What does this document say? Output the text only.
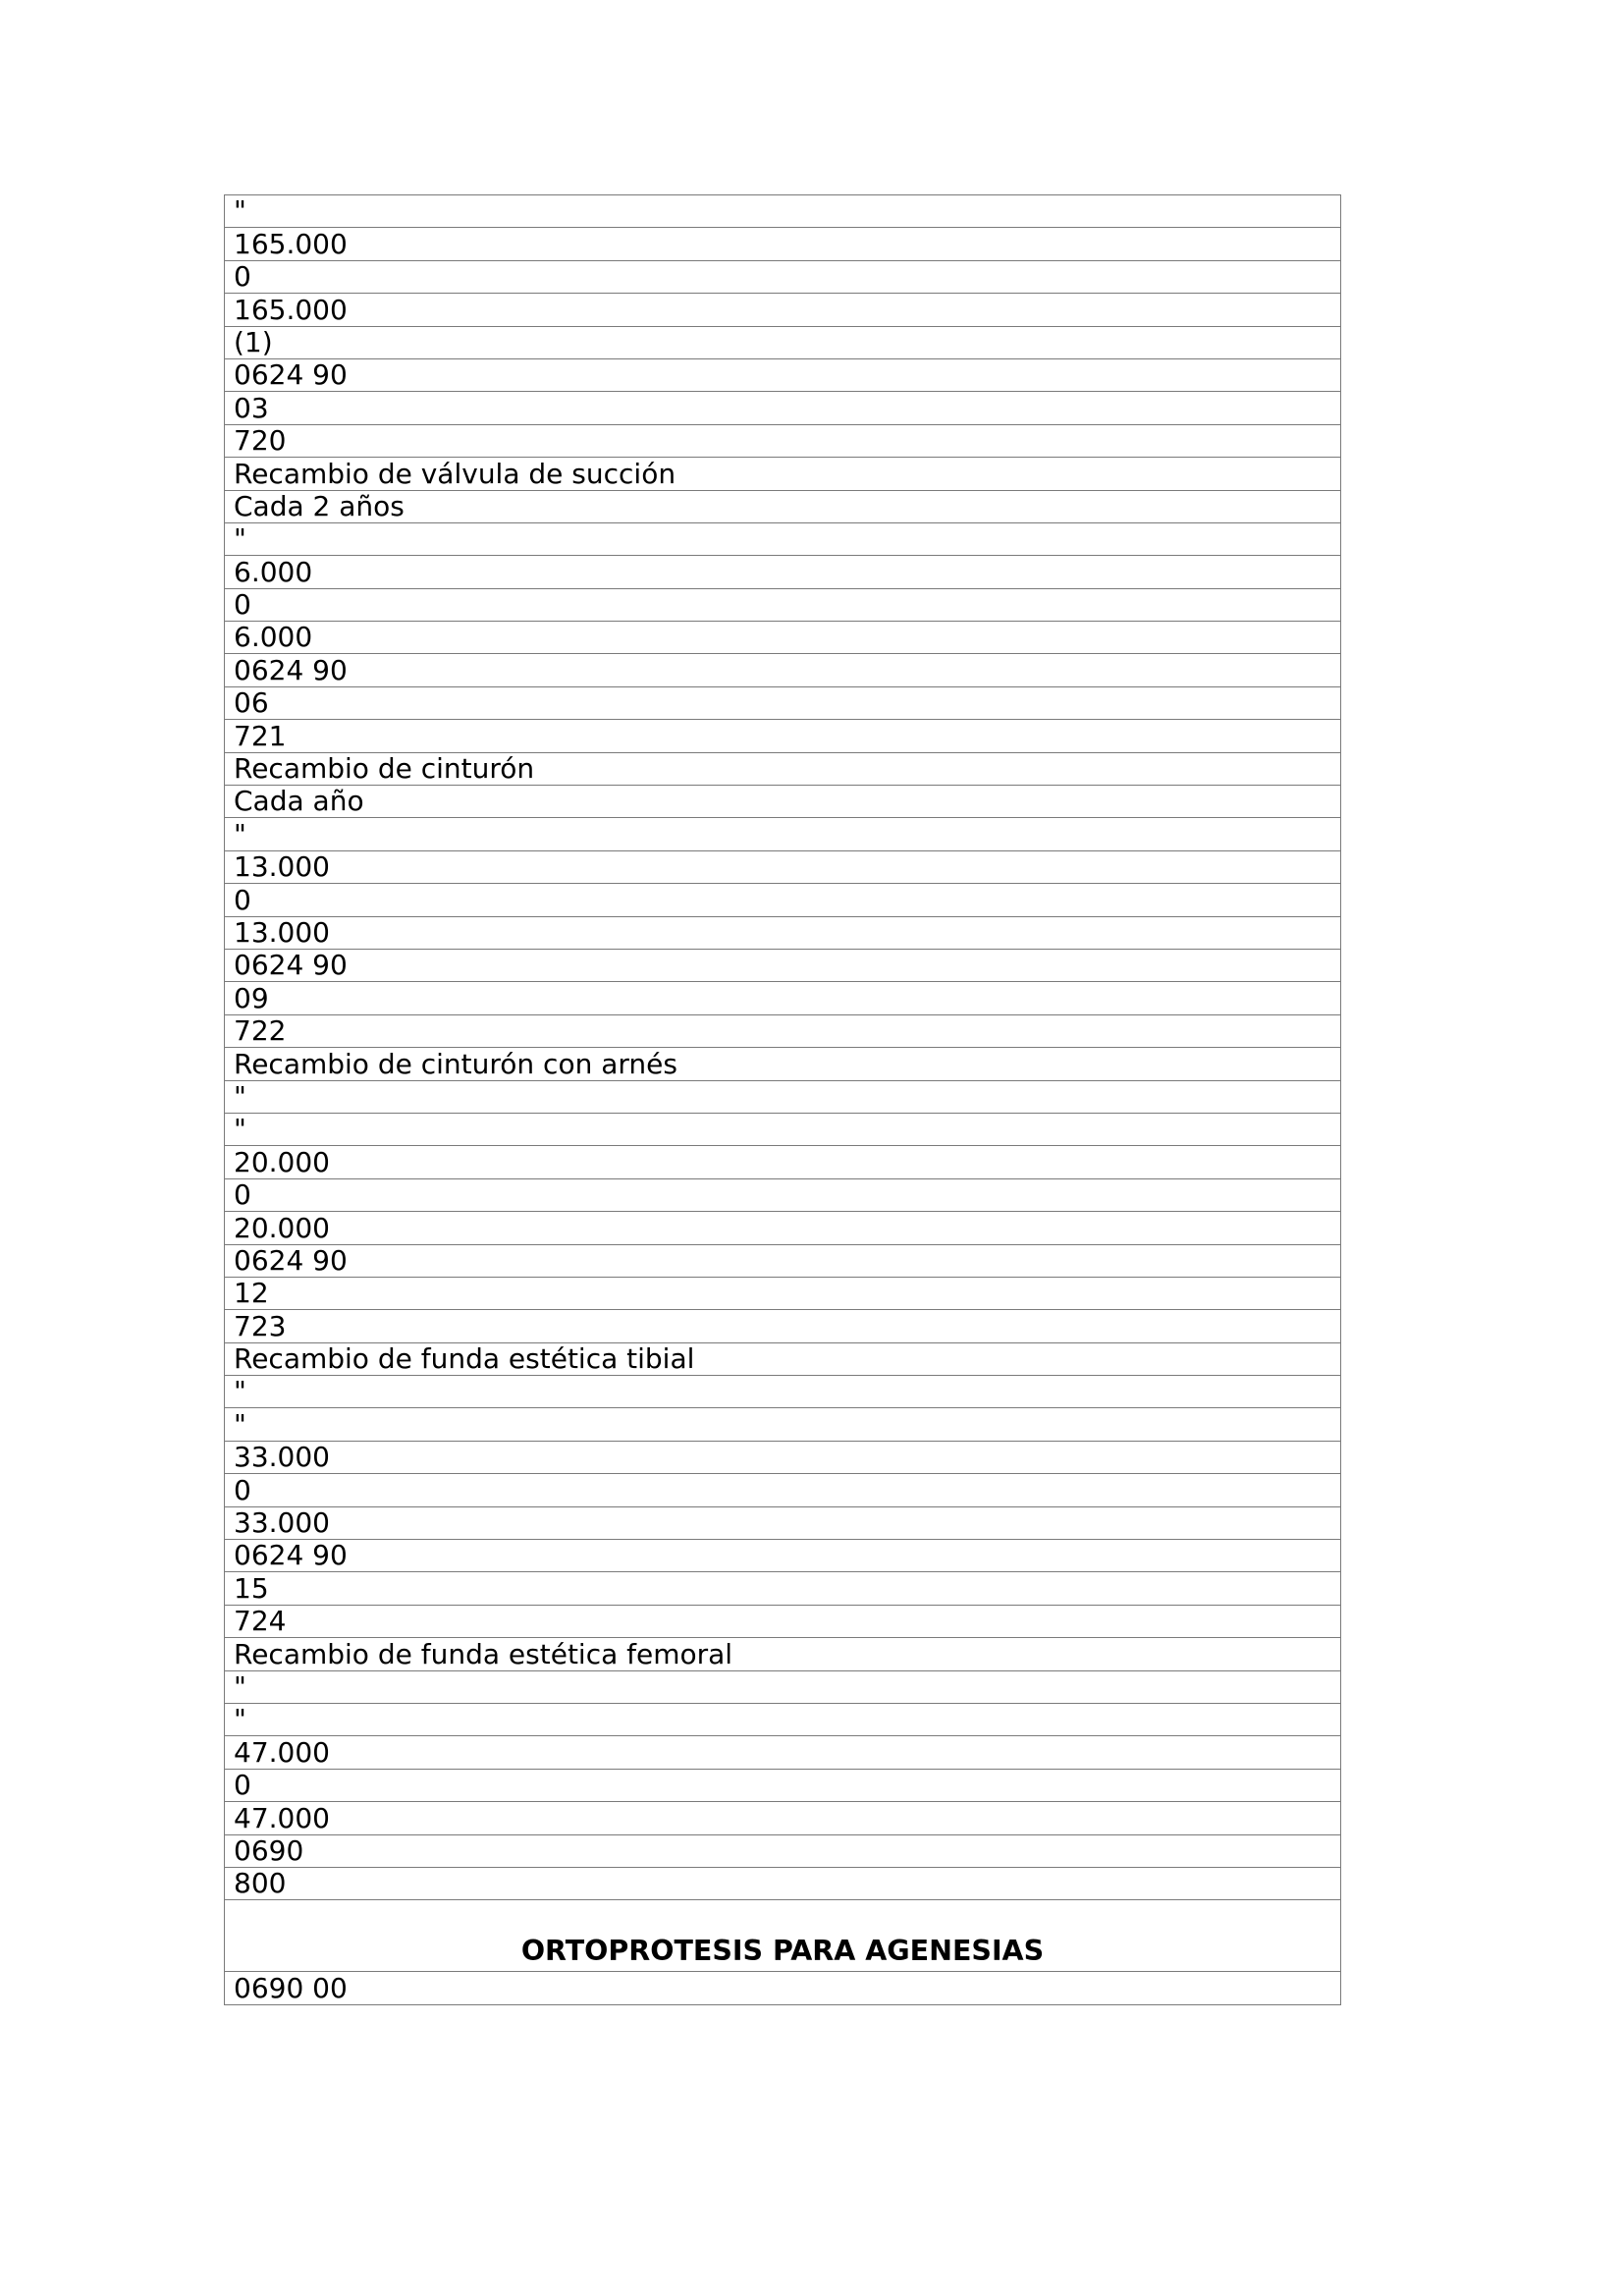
"
165.000
0
165.000
(1)
0624 90
03
720
Recambio de válvula de succión
Cada 2 años
"
6.000
0
6.000
0624 90
06
721
Recambio de cinturón
Cada año
"
13.000
0
13.000
0624 90
09
722
Recambio de cinturón con arnés
"
"
20.000
0
20.000
0624 90
12
723
Recambio de funda estética tibial
"
"
33.000
0
33.000
0624 90
15
724
Recambio de funda estética femoral
"
"
47.000
0
47.000
0690
800
ORTOPROTESIS PARA AGENESIAS
0690 00
